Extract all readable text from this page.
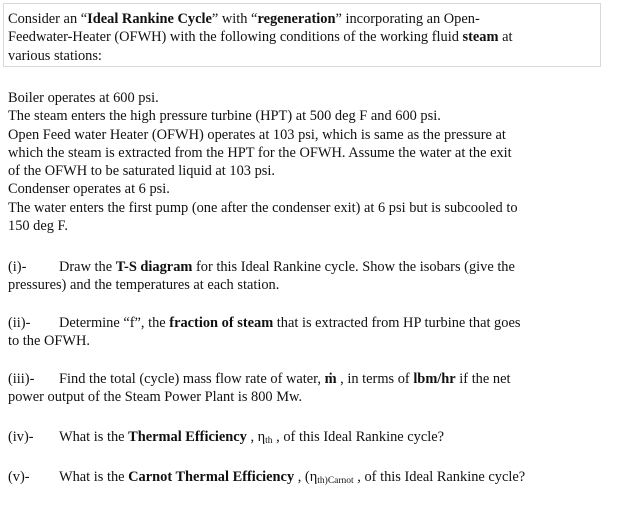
Consider an “Ideal Rankine Cycle” with “regeneration” incorporating an Open-
Feedwater-Heater (OFWH) with the following conditions of the working fluid steam at
various stations:
Boiler operates at 600 psi.
The steam enters the high pressure turbine (HPT) at 500 deg F and 600 psi.
Open Feed water Heater (OFWH) operates at 103 psi, which is same as the pressure at
which the steam is extracted from the HPT for the OFWH. Assume the water at the exit
of the OFWH to be saturated liquid at 103 psi.
Condenser operates at 6 psi.
The water enters the first pump (one after the condenser exit) at 6 psi but is subcooled to
150 deg F.
(i)- Draw the T-S diagram for this Ideal Rankine cycle. Show the isobars (give the
pressures) and the temperatures at each station.
(ii)- Determine “f”, the fraction of steam that is extracted from HP turbine that goes
to the OFWH.
(iii)- Find the total (cycle) mass flow rate of water, ṁ , in terms of lbm/hr if the net
power output of the Steam Power Plant is 800 Mw.
(iv)- What is the Thermal Efficiency , $\eta_{th}$ , of this Ideal Rankine cycle?
(v)- What is the Carnot Thermal Efficiency , ($\eta_{th)Carnot}$ , of this Ideal Rankine cycle?
